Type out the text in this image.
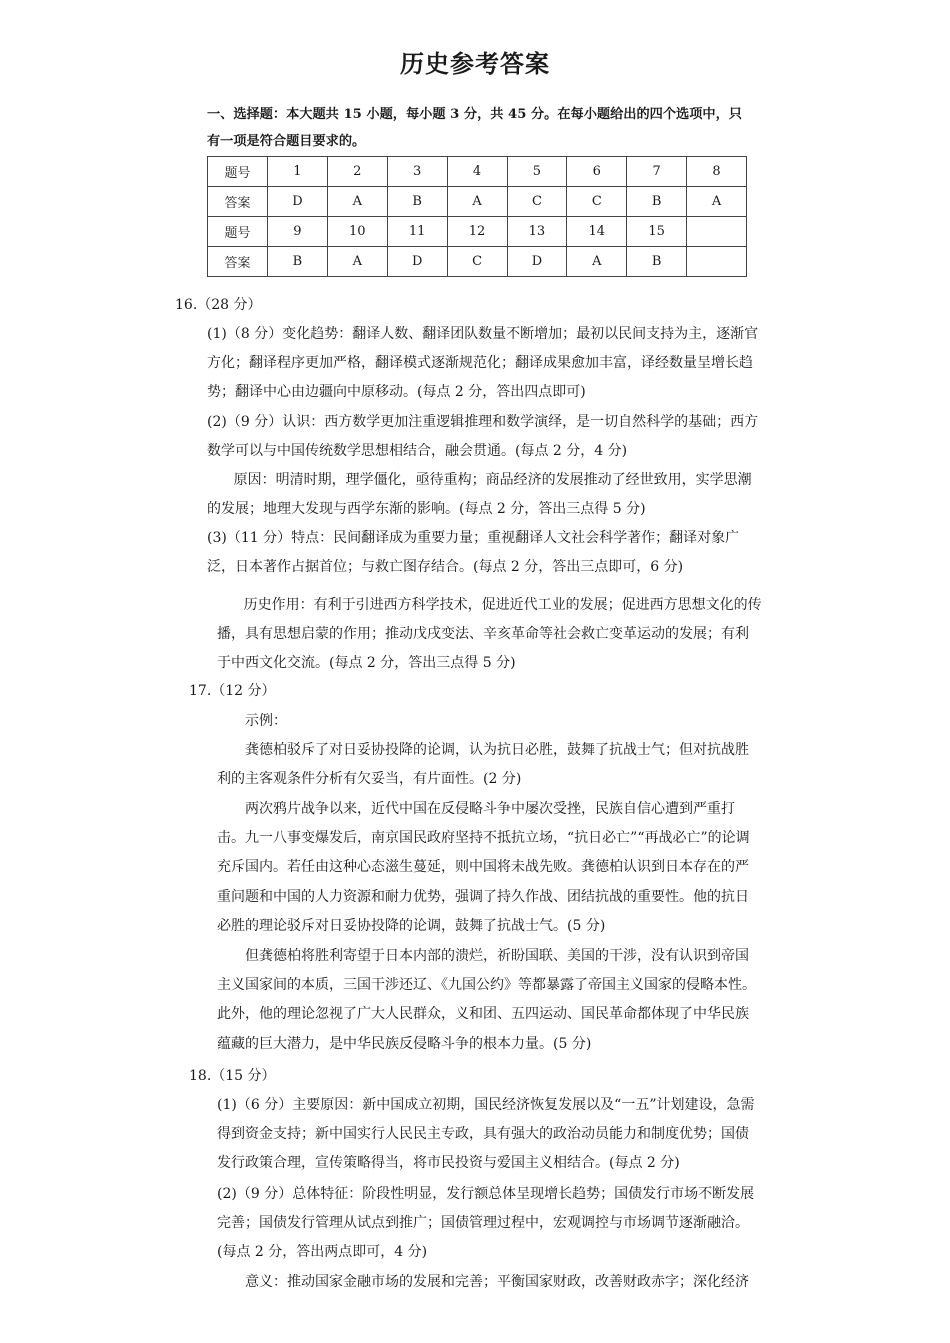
历史参考答案
一、选择题：本大题共 15 小题，每小题 3 分，共 45 分。在每小题给出的四个选项中，只有一项是符合题目要求的。
题号	1	2	3	4	5	6	7	8
答案	D	A	B	A	C	C	B	A
题号	9	10	11	12	13	14	15	
答案	B	A	D	C	D	A	B	
16.（28 分）

(1)（8 分）变化趋势：翻译人数、翻译团队数量不断增加；最初以民间支持为主，逐渐官方化；翻译程序更加严格，翻译模式逐渐规范化；翻译成果愈加丰富，译经数量呈增长趋势；翻译中心由边疆向中原移动。(每点 2 分，答出四点即可)

(2)（9 分）认识：西方数学更加注重逻辑推理和数学演绎，是一切自然科学的基础；西方数学可以与中国传统数学思想相结合，融会贯通。(每点 2 分，4 分)

原因：明清时期，理学僵化，亟待重构；商品经济的发展推动了经世致用，实学思潮的发展；地理大发现与西学东渐的影响。(每点 2 分，答出三点得 5 分)

(3)（11 分）特点：民间翻译成为重要力量；重视翻译人文社会科学著作；翻译对象广泛，日本著作占据首位；与救亡图存结合。(每点 2 分，答出三点即可，6 分)

历史作用：有利于引进西方科学技术，促进近代工业的发展；促进西方思想文化的传播，具有思想启蒙的作用；推动戊戌变法、辛亥革命等社会救亡变革运动的发展；有利于中西文化交流。(每点 2 分，答出三点得 5 分)

17.（12 分）

示例：

龚德柏驳斥了对日妥协投降的论调，认为抗日必胜，鼓舞了抗战士气；但对抗战胜利的主客观条件分析有欠妥当，有片面性。(2 分)

两次鸦片战争以来，近代中国在反侵略斗争中屡次受挫，民族自信心遭到严重打击。九一八事变爆发后，南京国民政府坚持不抵抗立场，“抗日必亡”“再战必亡”的论调充斥国内。若任由这种心态滋生蔓延，则中国将未战先败。龚德柏认识到日本存在的严重问题和中国的人力资源和耐力优势，强调了持久作战、团结抗战的重要性。他的抗日必胜的理论驳斥对日妥协投降的论调，鼓舞了抗战士气。(5 分)

但龚德柏将胜利寄望于日本内部的溃烂，祈盼国联、美国的干涉，没有认识到帝国主义国家间的本质，三国干涉还辽、《九国公约》等都暴露了帝国主义国家的侵略本性。此外，他的理论忽视了广大人民群众，义和团、五四运动、国民革命都体现了中华民族蕴藏的巨大潜力，是中华民族反侵略斗争的根本力量。(5 分)

18.（15 分）

(1)（6 分）主要原因：新中国成立初期，国民经济恢复发展以及“一五”计划建设，急需得到资金支持；新中国实行人民民主专政，具有强大的政治动员能力和制度优势；国债发行政策合理，宣传策略得当，将市民投资与爱国主义相结合。(每点 2 分)

(2)（9 分）总体特征：阶段性明显，发行额总体呈现增长趋势；国债发行市场不断发展完善；国债发行管理从试点到推广；国债管理过程中，宏观调控与市场调节逐渐融洽。(每点 2 分，答出两点即可，4 分)

意义：推动国家金融市场的发展和完善；平衡国家财政，改善财政赤字；深化经济
